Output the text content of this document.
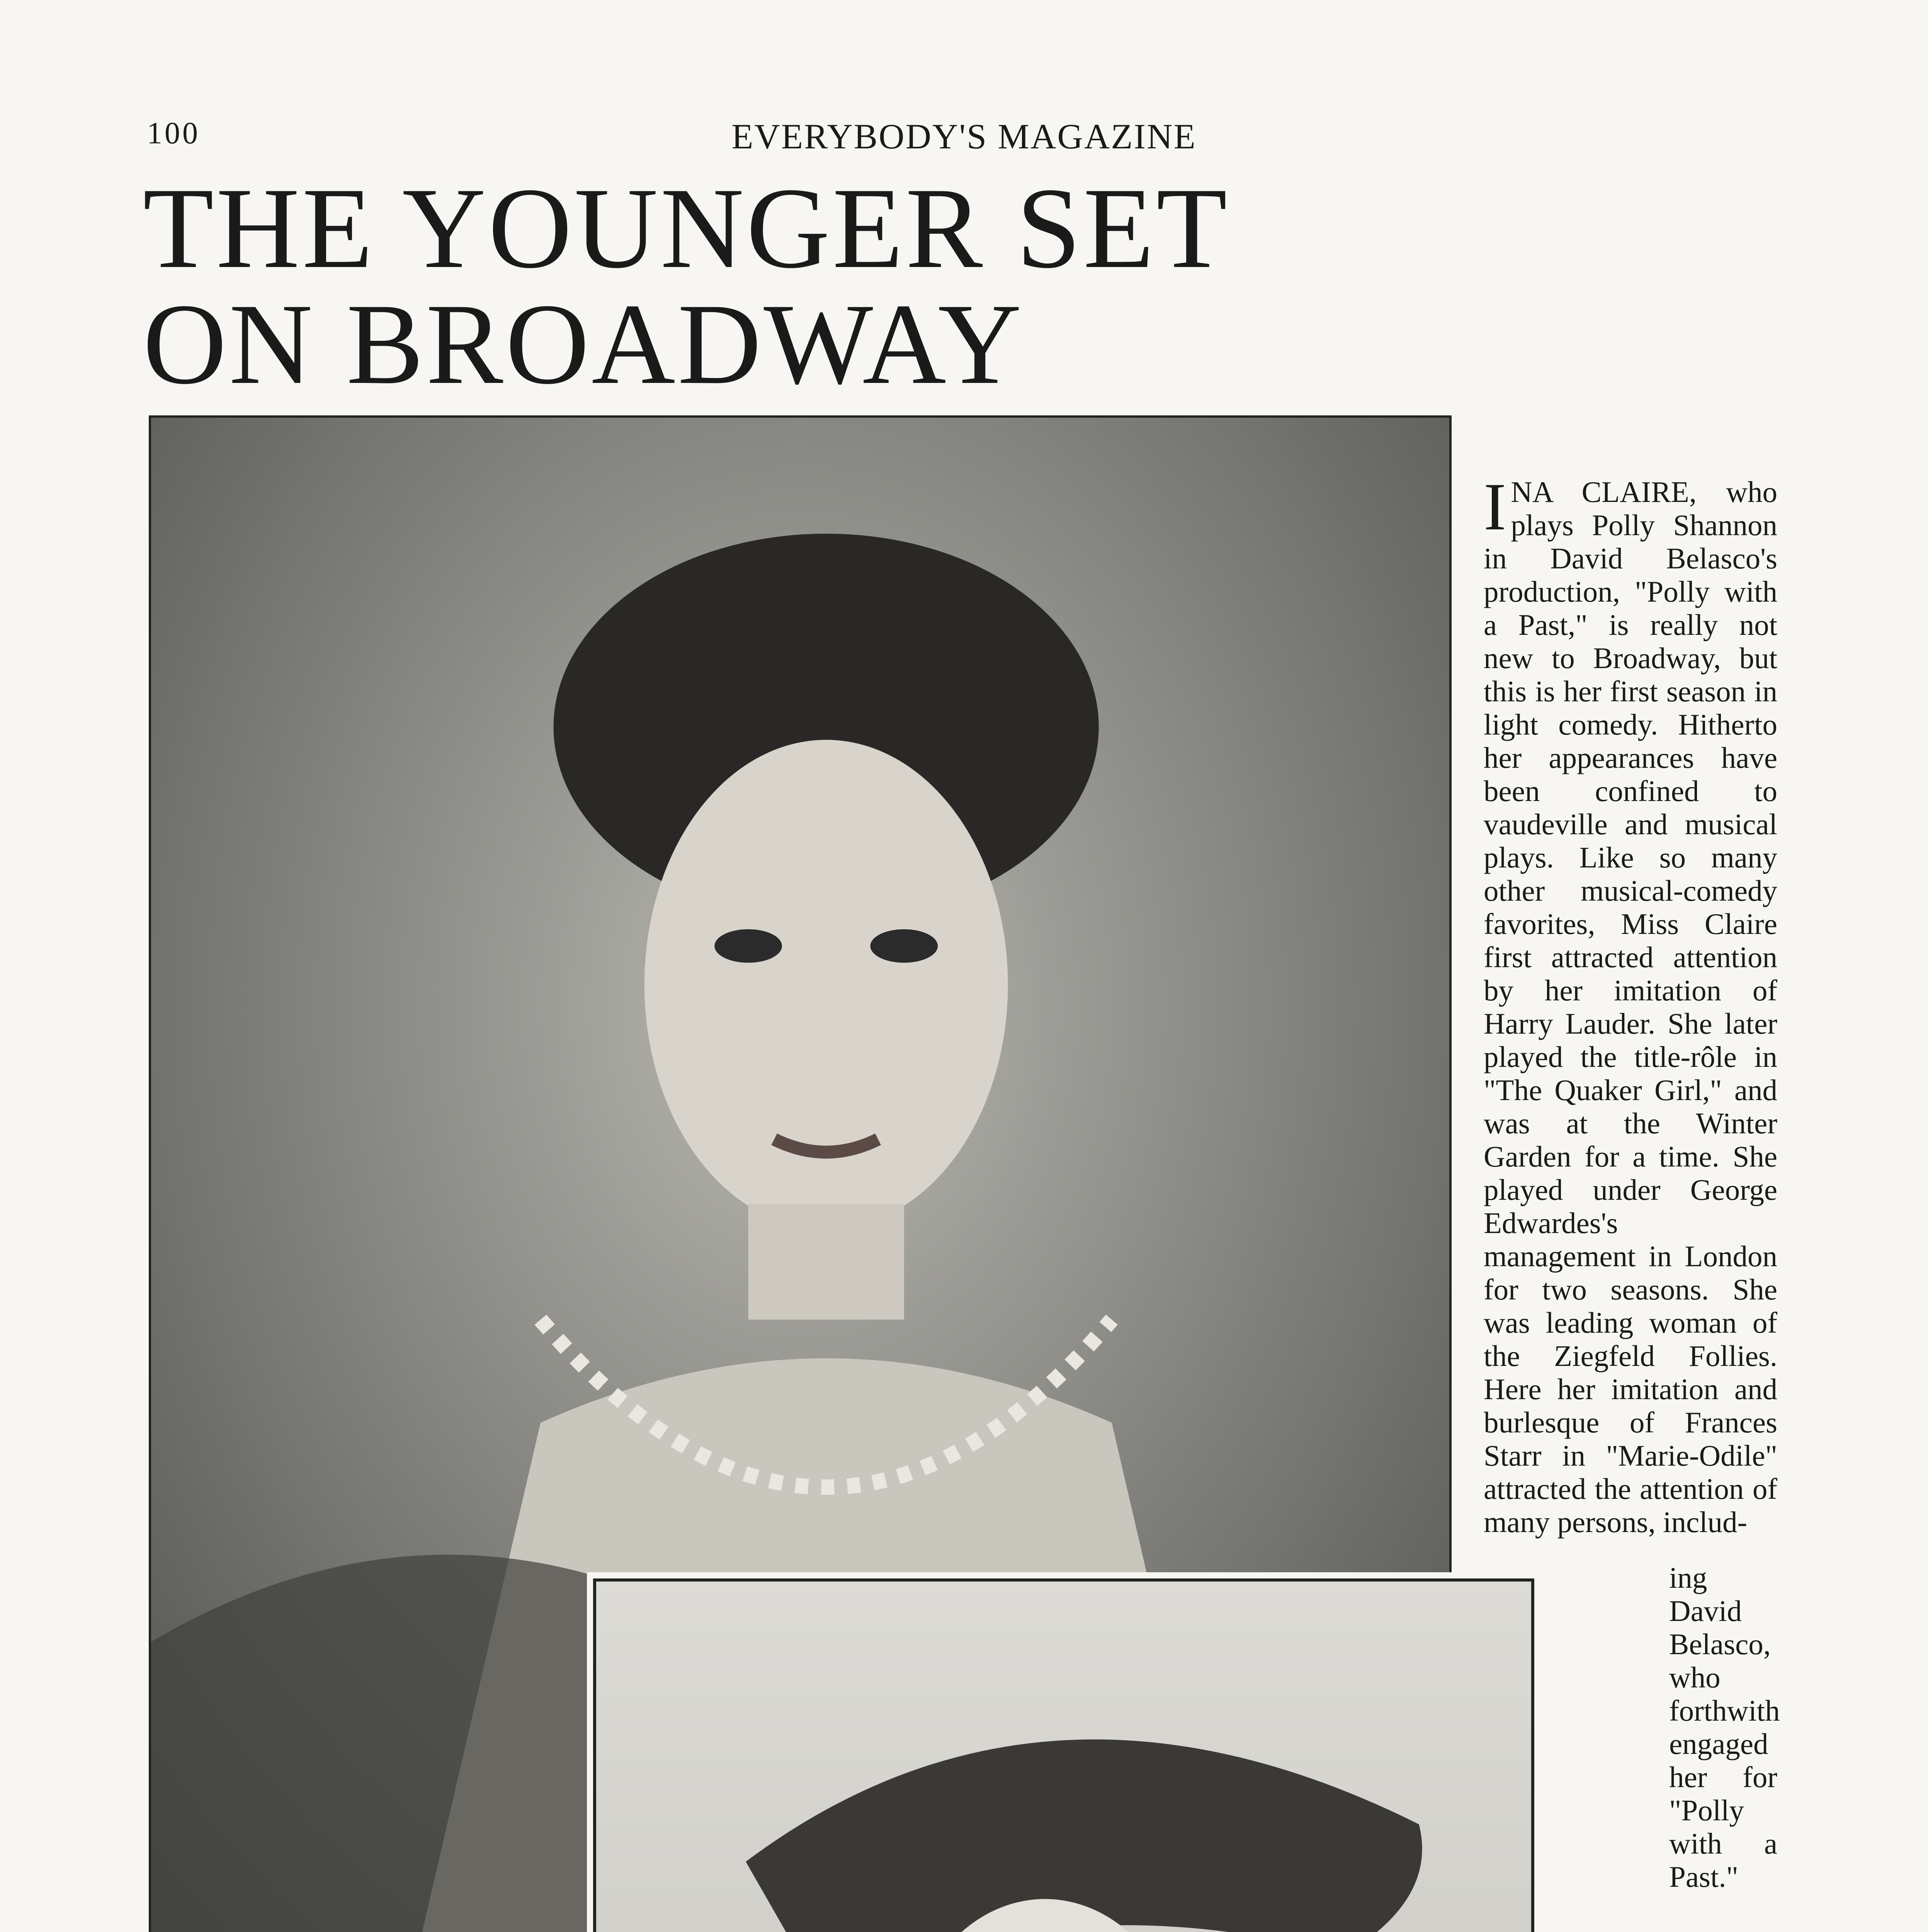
100	EVERYBODY'S MAGAZINE
THE YOUNGER SET
ON BROADWAY
I NA CLAIRE, who plays Polly Shannon in David Belasco's production, "Polly with a Past," is really not new to Broadway, but this is her first season in light comedy. Hitherto her appearances have been confined to vaudeville and musical plays. Like so many other musical-comedy favorites, Miss Claire first attracted attention by her imitation of Harry Lauder. She later played the title-rôle in "The Quaker Girl," and was at the Winter Garden for a time. She played under George Edwardes's management in London for two seasons. She was leading woman of the Ziegfeld Follies. Here her imitation and burlesque of Frances Starr in "Marie-Odile" attracted the attention of many persons, includ-
ing David Belasco, who forthwith engaged her for "Polly with a Past."
